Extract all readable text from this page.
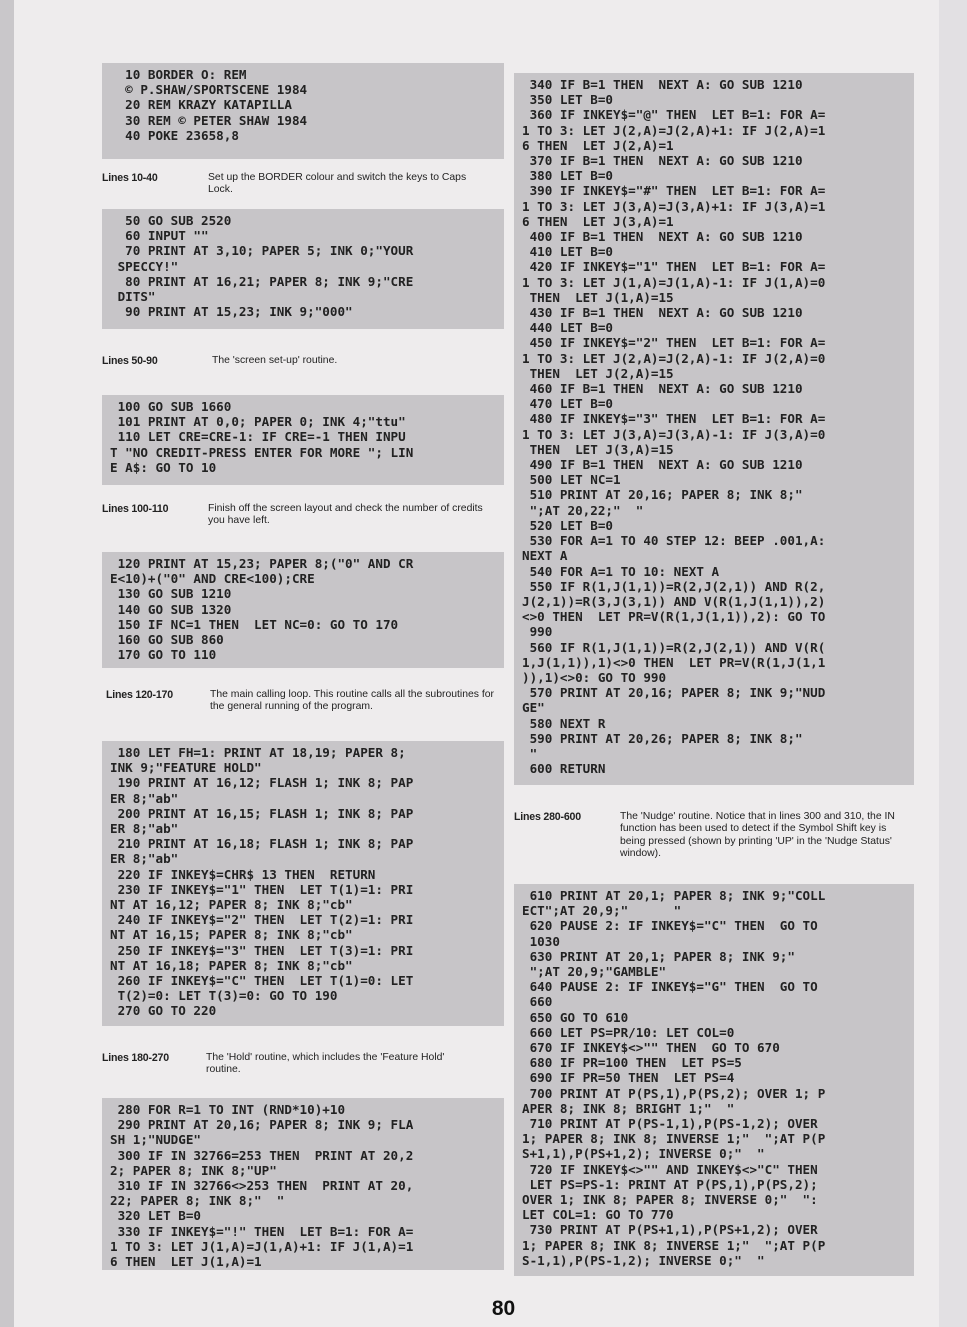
10 BORDER O: REM
© P.SHAW/SPORTSCENE 1984
20 REM KRAZY KATAPILLA
30 REM © PETER SHAW 1984
40 POKE 23658,8
Lines 10-40	Set up the BORDER colour and switch the keys to Caps Lock.
50 GO SUB 2520
60 INPUT ""
70 PRINT AT 3,10; PAPER 5; INK 0;"YOUR
SPECCY!"
80 PRINT AT 16,21; PAPER 8; INK 9;"CRE
DITS"
90 PRINT AT 15,23; INK 9;"000"
Lines 50-90	The 'screen set-up' routine.
100 GO SUB 1660
101 PRINT AT 0,0; PAPER 0; INK 4;"ttu"
110 LET CRE=CRE-1: IF CRE=-1 THEN INPU
T "NO CREDIT-PRESS ENTER FOR MORE "; LIN
E A$: GO TO 10
Lines 100-110	Finish off the screen layout and check the number of credits you have left.
120 PRINT AT 15,23; PAPER 8;("0" AND CR
E<10)+("0" AND CRE<100);CRE
130 GO SUB 1210
140 GO SUB 1320
150 IF NC=1 THEN  LET NC=0: GO TO 170
160 GO SUB 860
170 GO TO 110
Lines 120-170	The main calling loop. This routine calls all the subroutines for the general running of the program.
180 LET FH=1: PRINT AT 18,19; PAPER 8;
INK 9;"FEATURE HOLD"
190 PRINT AT 16,12; FLASH 1; INK 8; PAP
ER 8;"ab"
200 PRINT AT 16,15; FLASH 1; INK 8; PAP
ER 8;"ab"
210 PRINT AT 16,18; FLASH 1; INK 8; PAP
ER 8;"ab"
220 IF INKEY$=CHR$ 13 THEN  RETURN
230 IF INKEY$="1" THEN  LET T(1)=1: PRI
NT AT 16,12; PAPER 8; INK 8;"cb"
240 IF INKEY$="2" THEN  LET T(2)=1: PRI
NT AT 16,15; PAPER 8; INK 8;"cb"
250 IF INKEY$="3" THEN  LET T(3)=1: PRI
NT AT 16,18; PAPER 8; INK 8;"cb"
260 IF INKEY$="C" THEN  LET T(1)=0: LET
T(2)=0: LET T(3)=0: GO TO 190
270 GO TO 220
Lines 180-270	The 'Hold' routine, which includes the 'Feature Hold' routine.
280 FOR R=1 TO INT (RND*10)+10
290 PRINT AT 20,16; PAPER 8; INK 9; FLA
SH 1;"NUDGE"
300 IF IN 32766=253 THEN  PRINT AT 20,2
2; PAPER 8; INK 8;"UP"
310 IF IN 32766<>253 THEN  PRINT AT 20,
22; PAPER 8; INK 8;"  "
320 LET B=0
330 IF INKEY$="!" THEN  LET B=1: FOR A=
1 TO 3: LET J(1,A)=J(1,A)+1: IF J(1,A)=1
6 THEN  LET J(1,A)=1
340 IF B=1 THEN  NEXT A: GO SUB 1210
350 LET B=0
360 IF INKEY$="@" THEN  LET B=1: FOR A=
1 TO 3: LET J(2,A)=J(2,A)+1: IF J(2,A)=1
6 THEN  LET J(2,A)=1
370 IF B=1 THEN  NEXT A: GO SUB 1210
380 LET B=0
390 IF INKEY$="#" THEN  LET B=1: FOR A=
1 TO 3: LET J(3,A)=J(3,A)+1: IF J(3,A)=1
6 THEN  LET J(3,A)=1
400 IF B=1 THEN  NEXT A: GO SUB 1210
410 LET B=0
420 IF INKEY$="1" THEN  LET B=1: FOR A=
1 TO 3: LET J(1,A)=J(1,A)-1: IF J(1,A)=0
THEN  LET J(1,A)=15
430 IF B=1 THEN  NEXT A: GO SUB 1210
440 LET B=0
450 IF INKEY$="2" THEN  LET B=1: FOR A=
1 TO 3: LET J(2,A)=J(2,A)-1: IF J(2,A)=0
THEN  LET J(2,A)=15
460 IF B=1 THEN  NEXT A: GO SUB 1210
470 LET B=0
480 IF INKEY$="3" THEN  LET B=1: FOR A=
1 TO 3: LET J(3,A)=J(3,A)-1: IF J(3,A)=0
THEN  LET J(3,A)=15
490 IF B=1 THEN  NEXT A: GO SUB 1210
500 LET NC=1
510 PRINT AT 20,16; PAPER 8; INK 8;"
";AT 20,22;"  "
520 LET B=0
530 FOR A=1 TO 40 STEP 12: BEEP .001,A:
NEXT A
540 FOR A=1 TO 10: NEXT A
550 IF R(1,J(1,1))=R(2,J(2,1)) AND R(2,
J(2,1))=R(3,J(3,1)) AND V(R(1,J(1,1)),2)
<>0 THEN  LET PR=V(R(1,J(1,1)),2): GO TO
990
560 IF R(1,J(1,1))=R(2,J(2,1)) AND V(R(
1,J(1,1)),1)<>0 THEN  LET PR=V(R(1,J(1,1
)),1)<>0: GO TO 990
570 PRINT AT 20,16; PAPER 8; INK 9;"NUD
GE"
580 NEXT R
590 PRINT AT 20,26; PAPER 8; INK 8;"
"
600 RETURN
Lines 280-600	The 'Nudge' routine. Notice that in lines 300 and 310, the IN function has been used to detect if the Symbol Shift key is being pressed (shown by printing 'UP' in the 'Nudge Status' window).
610 PRINT AT 20,1; PAPER 8; INK 9;"COLL
ECT";AT 20,9;"      "
620 PAUSE 2: IF INKEY$="C" THEN  GO TO
1030
630 PRINT AT 20,1; PAPER 8; INK 9;"
";AT 20,9;"GAMBLE"
640 PAUSE 2: IF INKEY$="G" THEN  GO TO
660
650 GO TO 610
660 LET PS=PR/10: LET COL=0
670 IF INKEY$<>"" THEN  GO TO 670
680 IF PR=100 THEN  LET PS=5
690 IF PR=50 THEN  LET PS=4
700 PRINT AT P(PS,1),P(PS,2); OVER 1; P
APER 8; INK 8; BRIGHT 1;"  "
710 PRINT AT P(PS-1,1),P(PS-1,2); OVER
1; PAPER 8; INK 8; INVERSE 1;"  ";AT P(P
S+1,1),P(PS+1,2); INVERSE 0;"  "
720 IF INKEY$<>"" AND INKEY$<>"C" THEN
LET PS=PS-1: PRINT AT P(PS,1),P(PS,2);
OVER 1; INK 8; PAPER 8; INVERSE 0;"  ":
LET COL=1: GO TO 770
730 PRINT AT P(PS+1,1),P(PS+1,2); OVER
1; PAPER 8; INK 8; INVERSE 1;"  ";AT P(P
S-1,1),P(PS-1,2); INVERSE 0;"  "
80
